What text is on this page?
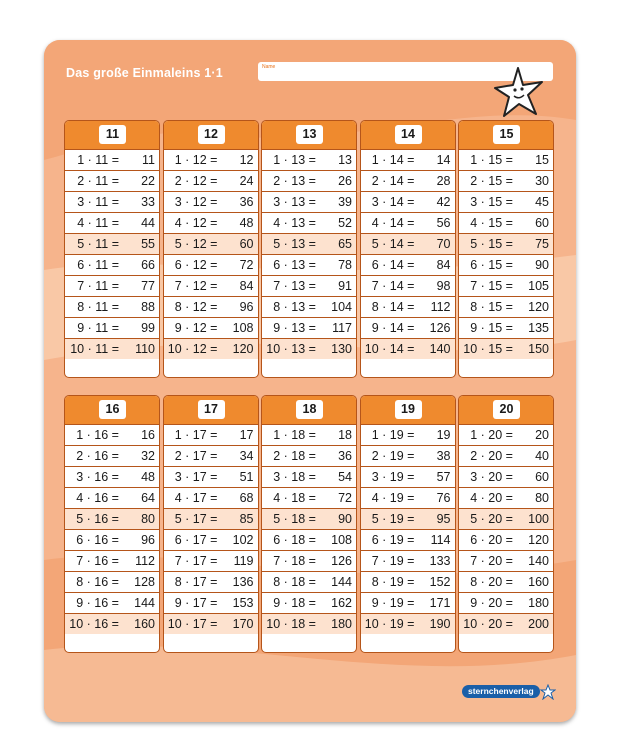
Das große Einmaleins 1·1	Name
11
1 · 11 = 11
2 · 11 = 22
3 · 11 = 33
4 · 11 = 44
5 · 11 = 55
6 · 11 = 66
7 · 11 = 77
8 · 11 = 88
9 · 11 = 99
10 · 11 = 110
12
1 · 12 = 12
2 · 12 = 24
3 · 12 = 36
4 · 12 = 48
5 · 12 = 60
6 · 12 = 72
7 · 12 = 84
8 · 12 = 96
9 · 12 = 108
10 · 12 = 120
13
1 · 13 = 13
2 · 13 = 26
3 · 13 = 39
4 · 13 = 52
5 · 13 = 65
6 · 13 = 78
7 · 13 = 91
8 · 13 = 104
9 · 13 = 117
10 · 13 = 130
14
1 · 14 = 14
2 · 14 = 28
3 · 14 = 42
4 · 14 = 56
5 · 14 = 70
6 · 14 = 84
7 · 14 = 98
8 · 14 = 112
9 · 14 = 126
10 · 14 = 140
15
1 · 15 = 15
2 · 15 = 30
3 · 15 = 45
4 · 15 = 60
5 · 15 = 75
6 · 15 = 90
7 · 15 = 105
8 · 15 = 120
9 · 15 = 135
10 · 15 = 150
16
1 · 16 = 16
2 · 16 = 32
3 · 16 = 48
4 · 16 = 64
5 · 16 = 80
6 · 16 = 96
7 · 16 = 112
8 · 16 = 128
9 · 16 = 144
10 · 16 = 160
17
1 · 17 = 17
2 · 17 = 34
3 · 17 = 51
4 · 17 = 68
5 · 17 = 85
6 · 17 = 102
7 · 17 = 119
8 · 17 = 136
9 · 17 = 153
10 · 17 = 170
18
1 · 18 = 18
2 · 18 = 36
3 · 18 = 54
4 · 18 = 72
5 · 18 = 90
6 · 18 = 108
7 · 18 = 126
8 · 18 = 144
9 · 18 = 162
10 · 18 = 180
19
1 · 19 = 19
2 · 19 = 38
3 · 19 = 57
4 · 19 = 76
5 · 19 = 95
6 · 19 = 114
7 · 19 = 133
8 · 19 = 152
9 · 19 = 171
10 · 19 = 190
20
1 · 20 = 20
2 · 20 = 40
3 · 20 = 60
4 · 20 = 80
5 · 20 = 100
6 · 20 = 120
7 · 20 = 140
8 · 20 = 160
9 · 20 = 180
10 · 20 = 200
sternchenverlag
